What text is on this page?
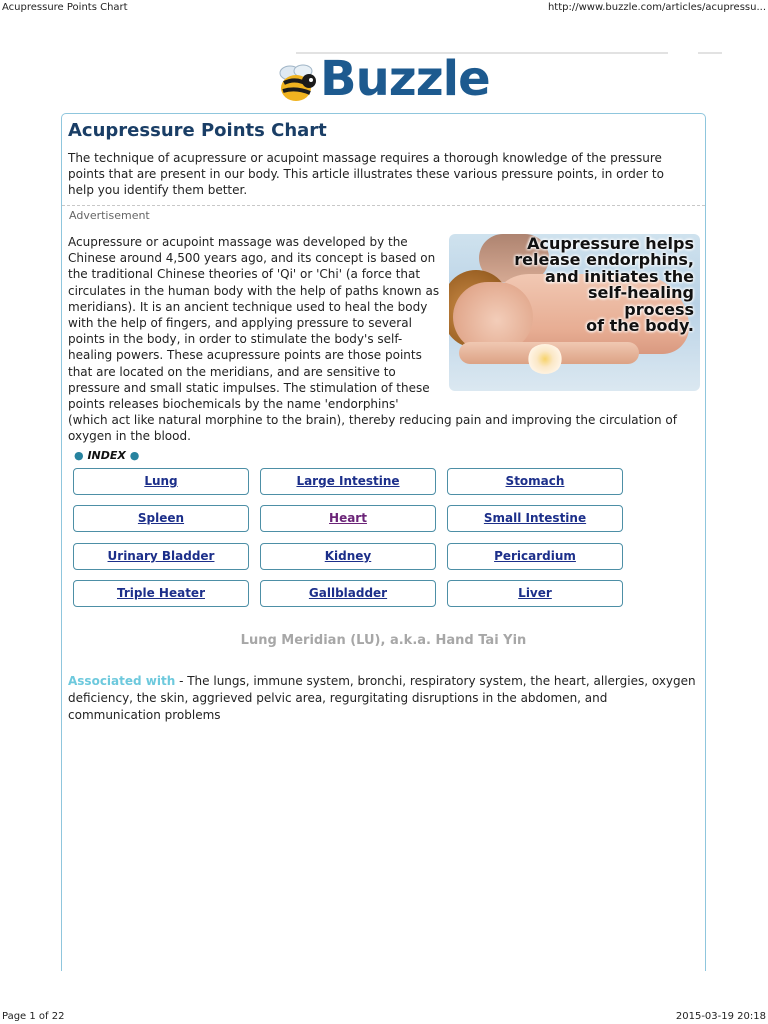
Acupressure Points Chart	http://www.buzzle.com/articles/acupressu...
Buzzle
Acupressure Points Chart
The technique of acupressure or acupoint massage requires a thorough knowledge of the pressure points that are present in our body. This article illustrates these various pressure points, in order to help you identify them better.
Advertisement
Acupressure helps
release endorphins,
and initiates the
self-healing
process
of the body.
Acupressure or acupoint massage was developed by the Chinese around 4,500 years ago, and its concept is based on the traditional Chinese theories of 'Qi' or 'Chi' (a force that circulates in the human body with the help of paths known as meridians). It is an ancient technique used to heal the body with the help of fingers, and applying pressure to several points in the body, in order to stimulate the body's self-healing powers. These acupressure points are those points that are located on the meridians, and are sensitive to pressure and small static impulses. The stimulation of these points releases biochemicals by the name 'endorphins' (which act like natural morphine to the brain), thereby reducing pain and improving the circulation of oxygen in the blood.
● INDEX ●
Lung	Large Intestine	Stomach
Spleen	Heart	Small Intestine
Urinary Bladder	Kidney	Pericardium
Triple Heater	Gallbladder	Liver
Lung Meridian (LU), a.k.a. Hand Tai Yin
Associated with - The lungs, immune system, bronchi, respiratory system, the heart, allergies, oxygen deficiency, the skin, aggrieved pelvic area, regurgitating disruptions in the abdomen, and communication problems
Page 1 of 22	2015-03-19 20:18
